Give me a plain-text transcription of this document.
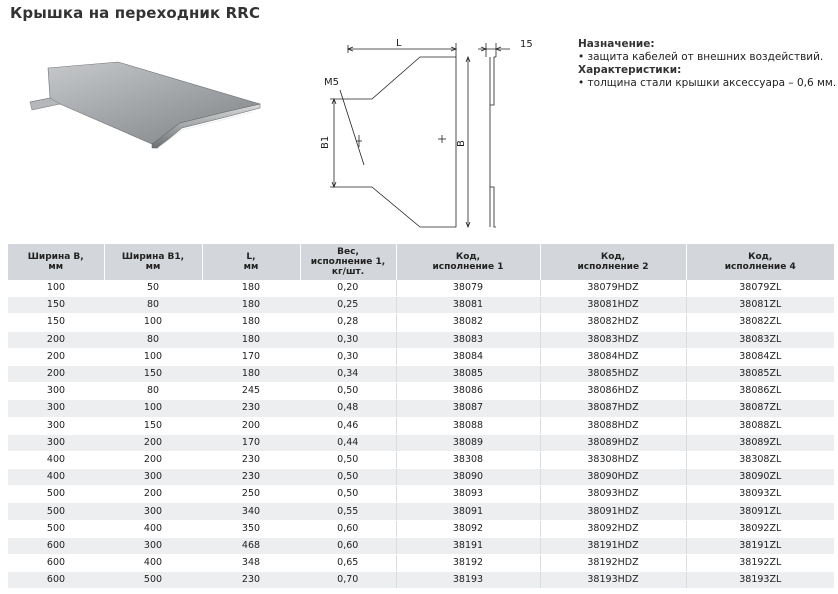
Крышка на переходник RRC
L	15
M5
B1	B
Назначение:
• защита кабелей от внешних воздействий.
Характеристики:
• толщина стали крышки аксессуара – 0,6 мм.
Ширина В,
мм	Ширина В1,
мм	L,
мм	Вес,
исполнение 1,
кг/шт.	Код,
исполнение 1	Код,
исполнение 2	Код,
исполнение 4
100	50	180	0,20	38079	38079HDZ	38079ZL
150	80	180	0,25	38081	38081HDZ	38081ZL
150	100	180	0,28	38082	38082HDZ	38082ZL
200	80	180	0,30	38083	38083HDZ	38083ZL
200	100	170	0,30	38084	38084HDZ	38084ZL
200	150	180	0,34	38085	38085HDZ	38085ZL
300	80	245	0,50	38086	38086HDZ	38086ZL
300	100	230	0,48	38087	38087HDZ	38087ZL
300	150	200	0,46	38088	38088HDZ	38088ZL
300	200	170	0,44	38089	38089HDZ	38089ZL
400	200	230	0,50	38308	38308HDZ	38308ZL
400	300	230	0,50	38090	38090HDZ	38090ZL
500	200	250	0,50	38093	38093HDZ	38093ZL
500	300	340	0,55	38091	38091HDZ	38091ZL
500	400	350	0,60	38092	38092HDZ	38092ZL
600	300	468	0,60	38191	38191HDZ	38191ZL
600	400	348	0,65	38192	38192HDZ	38192ZL
600	500	230	0,70	38193	38193HDZ	38193ZL
